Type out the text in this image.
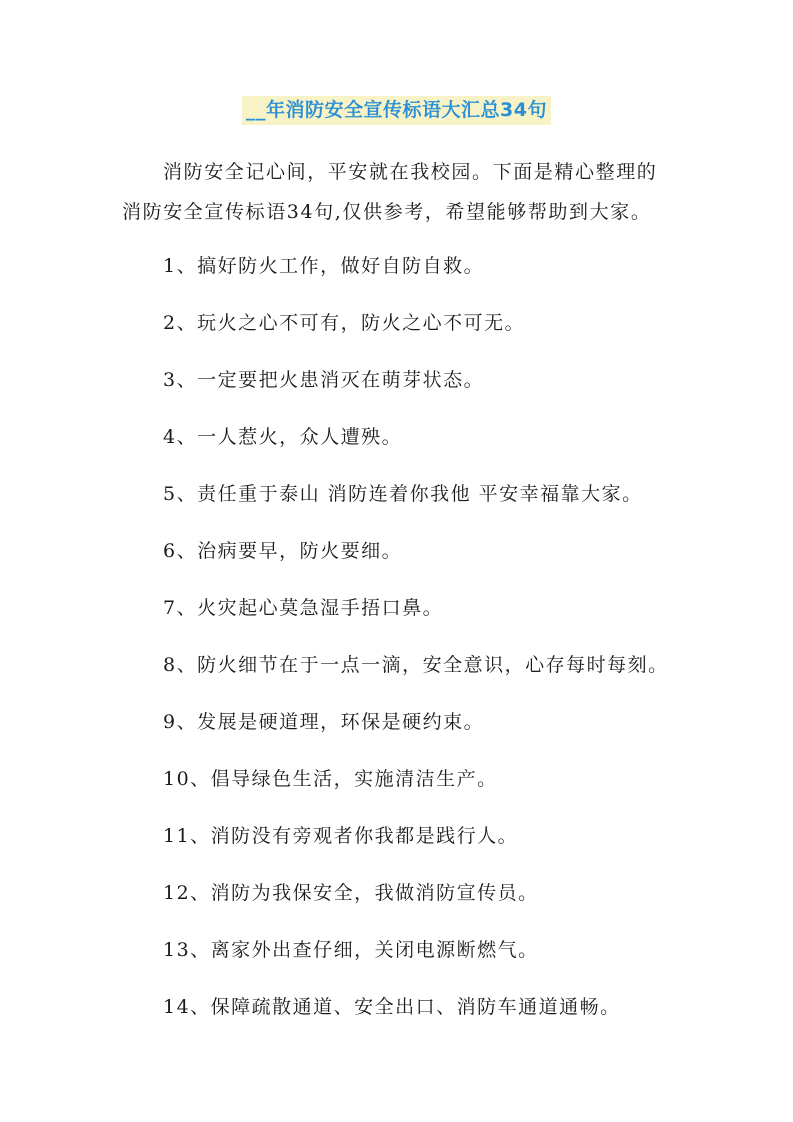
__年消防安全宣传标语大汇总34句
消防安全记心间，平安就在我校园。下面是精心整理的
消防安全宣传标语34句,仅供参考，希望能够帮助到大家。
1、搞好防火工作，做好自防自救。
2、玩火之心不可有，防火之心不可无。
3、一定要把火患消灭在萌芽状态。
4、一人惹火，众人遭殃。
5、责任重于泰山 消防连着你我他 平安幸福靠大家。
6、治病要早，防火要细。
7、火灾起心莫急湿手捂口鼻。
8、防火细节在于一点一滴，安全意识，心存每时每刻。
9、发展是硬道理，环保是硬约束。
10、倡导绿色生活，实施清洁生产。
11、消防没有旁观者你我都是践行人。
12、消防为我保安全，我做消防宣传员。
13、离家外出查仔细，关闭电源断燃气。
14、保障疏散通道、安全出口、消防车通道通畅。
